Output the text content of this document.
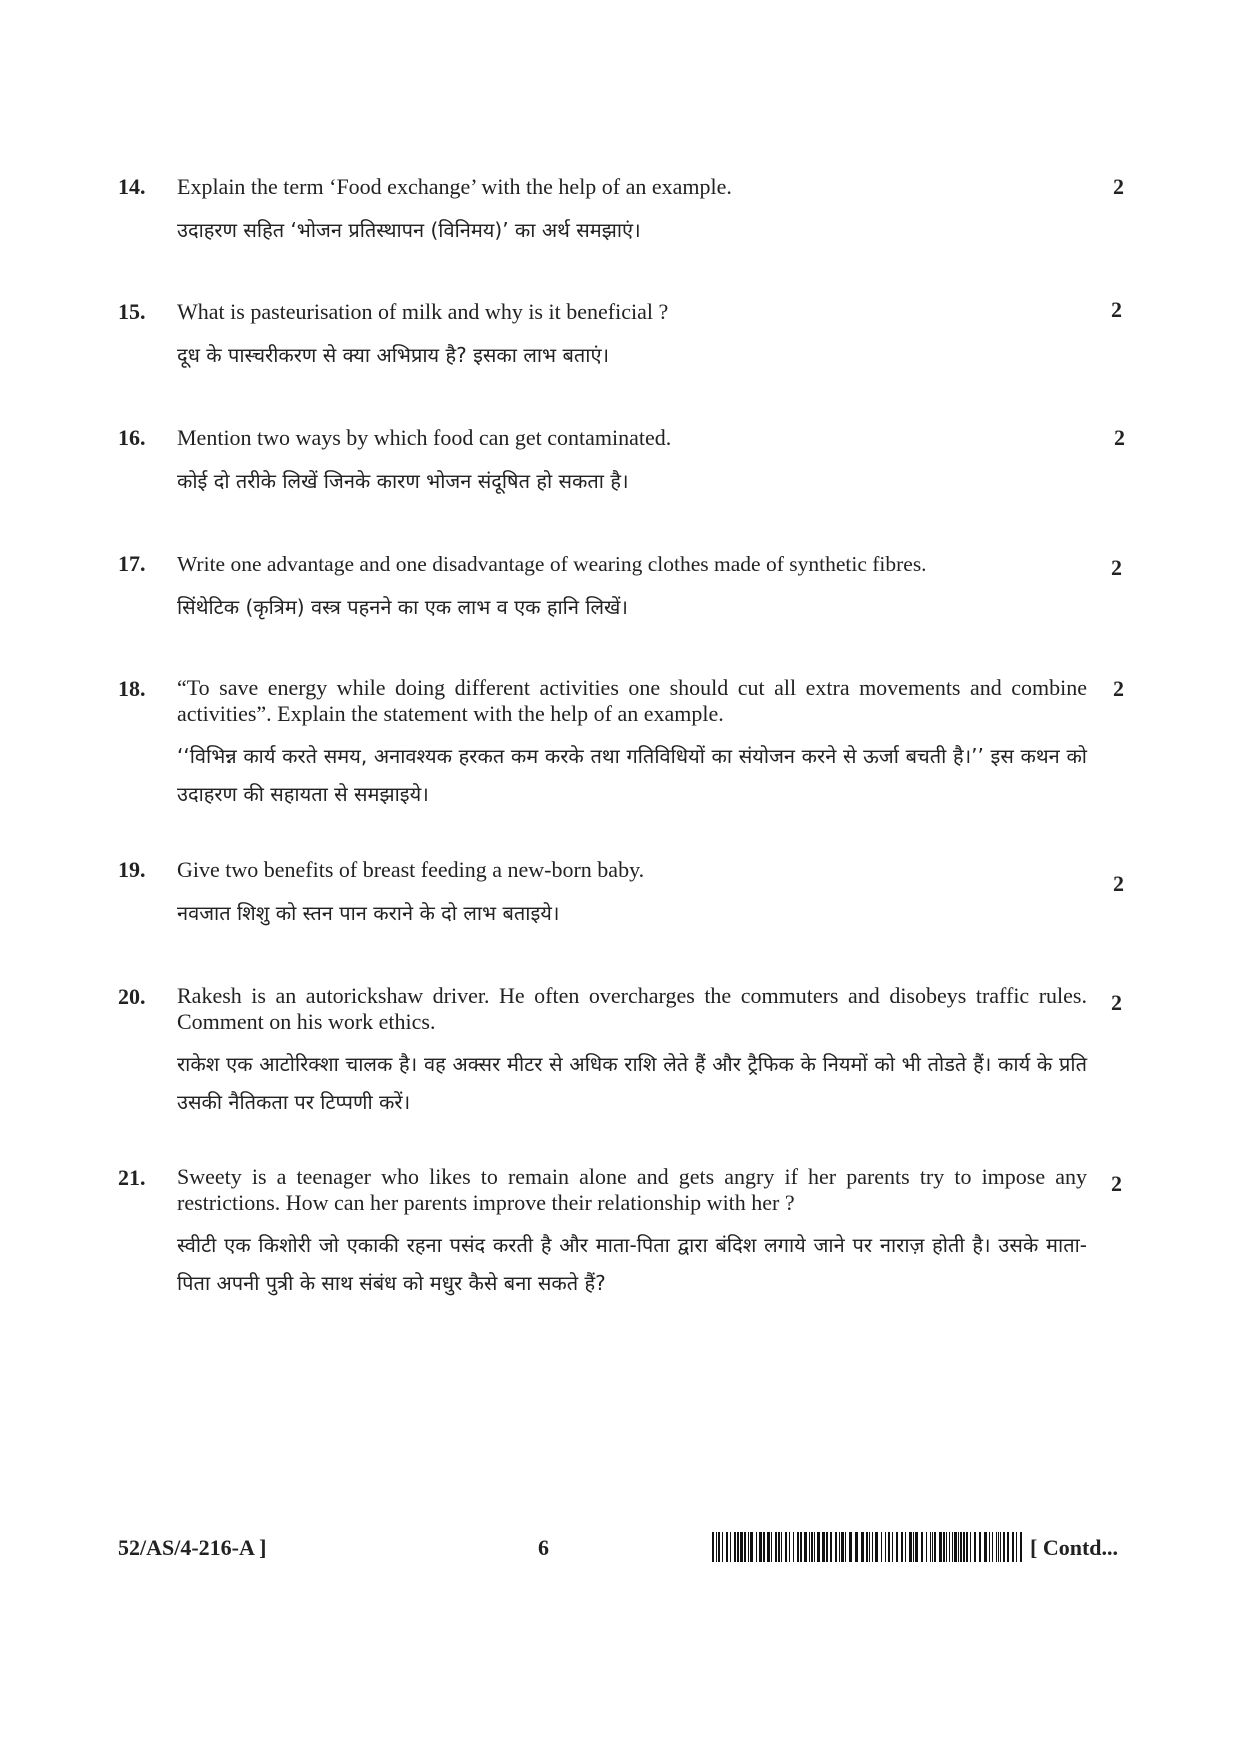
14. Explain the term ‘Food exchange’ with the help of an example.
उदाहरण सहित ‘भोजन प्रतिस्थापन (विनिमय)’ का अर्थ समझाएं।
2
15. What is pasteurisation of milk and why is it beneficial ?
दूध के पास्चरीकरण से क्या अभिप्राय है? इसका लाभ बताएं।
2
16. Mention two ways by which food can get contaminated.
कोई दो तरीके लिखें जिनके कारण भोजन संदूषित हो सकता है।
2
17. Write one advantage and one disadvantage of wearing clothes made of synthetic fibres.
सिंथेटिक (कृत्रिम) वस्त्र पहनने का एक लाभ व एक हानि लिखें।
2
18. “To save energy while doing different activities one should cut all extra movements and combine activities”. Explain the statement with the help of an example.
‘‘विभिन्न कार्य करते समय, अनावश्यक हरकत कम करके तथा गतिविधियों का संयोजन करने से ऊर्जा बचती है।’’ इस कथन को उदाहरण की सहायता से समझाइये।
2
19. Give two benefits of breast feeding a new-born baby.
नवजात शिशु को स्तन पान कराने के दो लाभ बताइये।
2
20. Rakesh is an autorickshaw driver. He often overcharges the commuters and disobeys traffic rules. Comment on his work ethics.
राकेश एक आटोरिक्शा चालक है। वह अक्सर मीटर से अधिक राशि लेते हैं और ट्रैफिक के नियमों को भी तोडते हैं। कार्य के प्रति उसकी नैतिकता पर टिप्पणी करें।
2
21. Sweety is a teenager who likes to remain alone and gets angry if her parents try to impose any restrictions. How can her parents improve their relationship with her ?
स्वीटी एक किशोरी जो एकाकी रहना पसंद करती है और माता-पिता द्वारा बंदिश लगाये जाने पर नाराज़ होती है। उसके माता-पिता अपनी पुत्री के साथ संबंध को मधुर कैसे बना सकते हैं?
2
52/AS/4-216-A ]	6	[ Contd...
